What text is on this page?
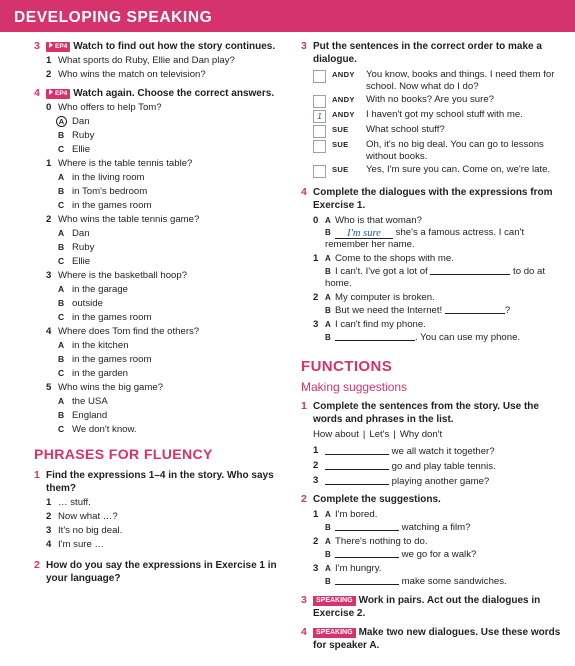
DEVELOPING SPEAKING
3	EP4 Watch to find out how the story continues.
1 What sports do Ruby, Ellie and Dan play?
2 Who wins the match on television?
4	EP4 Watch again. Choose the correct answers.
0 Who offers to help Tom?
A Dan
B Ruby
C Ellie
1 Where is the table tennis table?
A in the living room
B in Tom's bedroom
C in the games room
2 Who wins the table tennis game?
A Dan
B Ruby
C Ellie
3 Where is the basketball hoop?
A in the garage
B outside
C in the games room
4 Where does Tom find the others?
A in the kitchen
B in the games room
C in the garden
5 Who wins the big game?
A the USA
B England
C We don't know.
PHRASES FOR FLUENCY
1 Find the expressions 1–4 in the story. Who says them?
1 … stuff.
2 Now what …?
3 It's no big deal.
4 I'm sure …
2 How do you say the expressions in Exercise 1 in your language?
3 Put the sentences in the correct order to make a dialogue.
ANDY	You know, books and things. I need them for school. Now what do I do?
ANDY	With no books? Are you sure?
1	ANDY	I haven't got my school stuff with me.
SUE	What school stuff?
SUE	Oh, it's no big deal. You can go to lessons without books.
SUE	Yes, I'm sure you can. Come on, we're late.
4 Complete the dialogues with the expressions from Exercise 1.
0 A Who is that woman?
B I'm sure she's a famous actress. I can't remember her name.
1 A Come to the shops with me.
B I can't. I've got a lot of	to do at home.
2 A My computer is broken.
B But we need the Internet!	?
3 A I can't find my phone.
B	. You can use my phone.
FUNCTIONS
Making suggestions
1 Complete the sentences from the story. Use the words and phrases in the list.
How about | Let's | Why don't
1	we all watch it together?
2	go and play table tennis.
3	playing another game?
2 Complete the suggestions.
1 A I'm bored.
B	watching a film?
2 A There's nothing to do.
B	we go for a walk?
3 A I'm hungry.
B	make some sandwiches.
3	SPEAKING Work in pairs. Act out the dialogues in Exercise 2.
4	SPEAKING Make two new dialogues. Use these words for speaker A.
